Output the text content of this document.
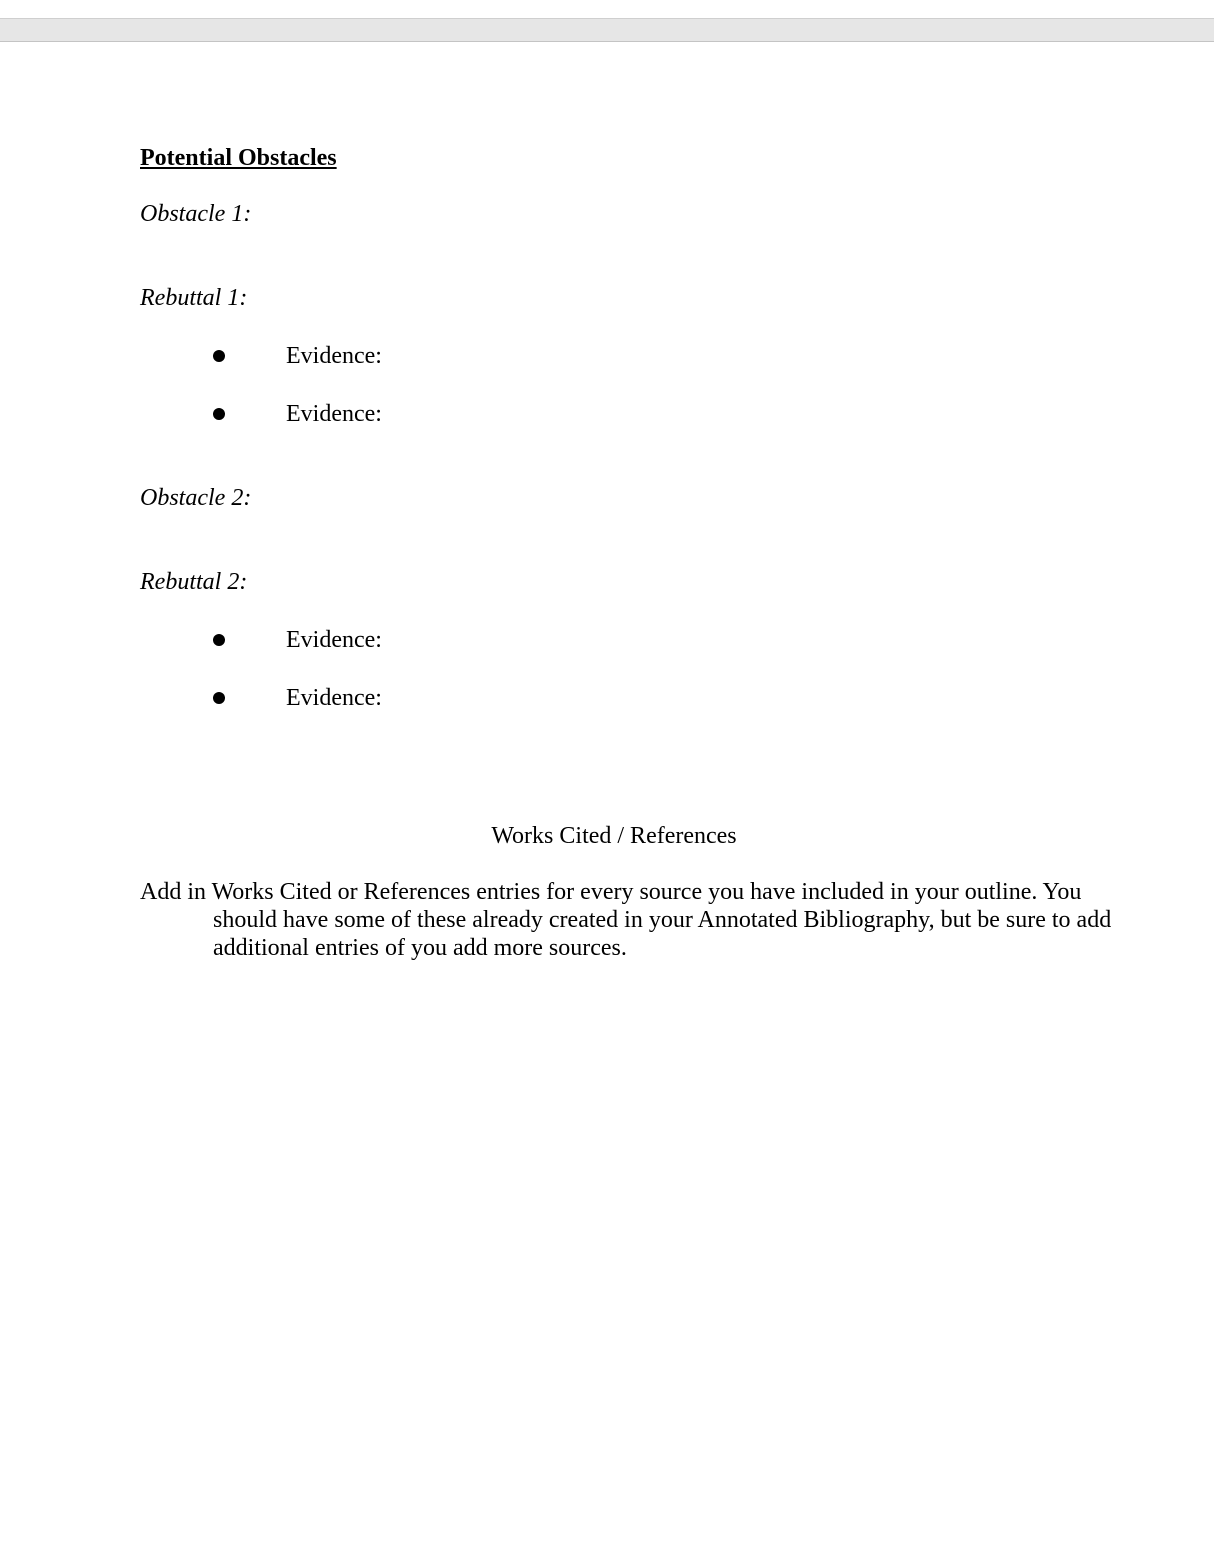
Potential Obstacles
Obstacle 1:
Rebuttal 1:
Evidence:
Evidence:
Obstacle 2:
Rebuttal 2:
Evidence:
Evidence:
Works Cited / References
Add in Works Cited or References entries for every source you have included in your outline. You should have some of these already created in your Annotated Bibliography, but be sure to add additional entries of you add more sources.
